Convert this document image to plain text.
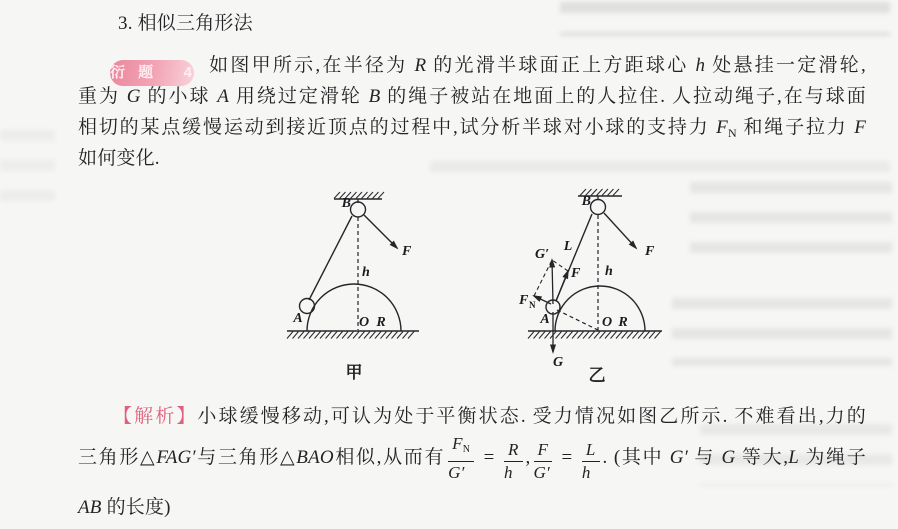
3. 相似三角形法
衍题 4 如图甲所示,在半径为 R 的光滑半球面正上方距球心 h 处悬挂一定滑轮,
重为 G 的小球 A 用绕过定滑轮 B 的绳子被站在地面上的人拉住. 人拉动绳子,在与球面
相切的某点缓慢运动到接近顶点的过程中,试分析半球对小球的支持力 $F_N$ 和绳子拉力 F
如何变化.
B
F
h
A	O R
甲
B
L	F
h
G′
F
F N
A
G
O R
乙
【解析】小球缓慢移动,可认为处于平衡状态. 受力情况如图乙所示. 不难看出,力的
三角形△FAG′与三角形△BAO相似,从而有 $\frac{F_N}{G'} = \frac{R}{h}$ , $\frac{F}{G'} = \frac{L}{h}$ . (其中 G′ 与 G 等大,L 为绳子
AB 的长度)
